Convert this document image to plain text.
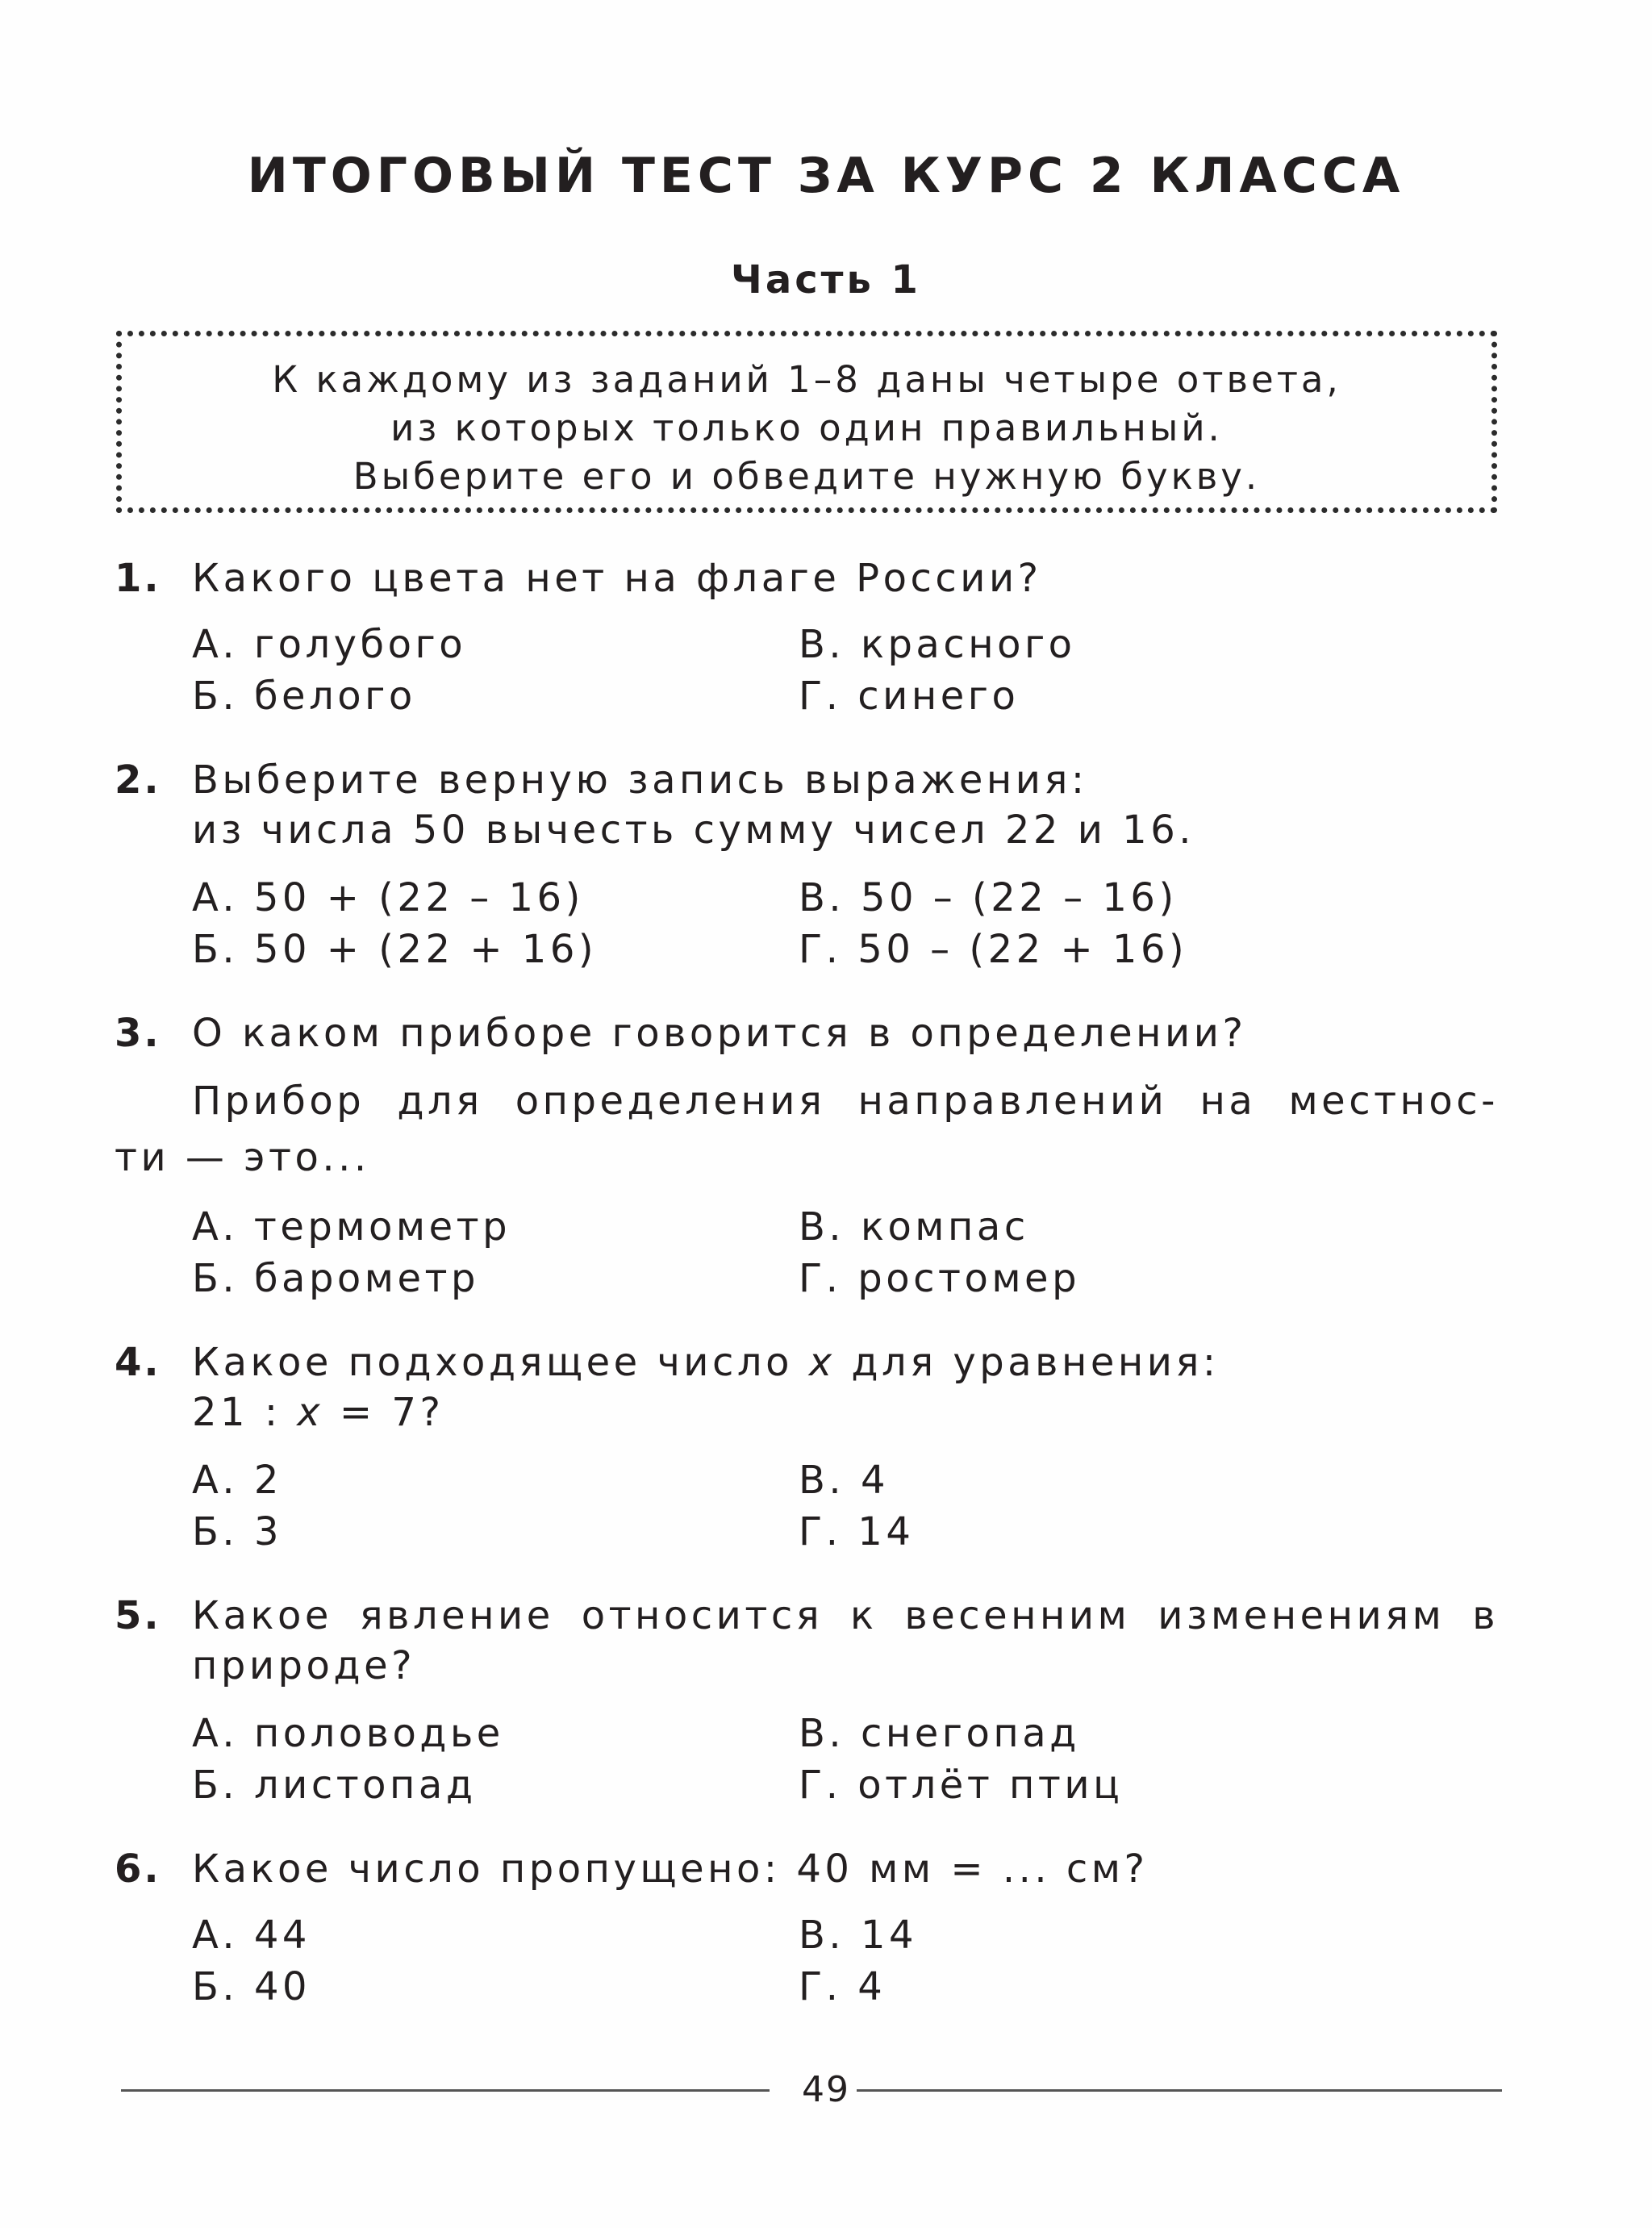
ИТОГОВЫЙ ТЕСТ ЗА КУРС 2 КЛАССА
Часть 1
К каждому из заданий 1–8 даны четыре ответа,
из которых только один правильный.
Выберите его и обведите нужную букву.
1. Какого цвета нет на флаге России?
А. голубого
Б. белого
В. красного
Г. синего
2. Выберите верную запись выражения:
из числа 50 вычесть сумму чисел 22 и 16.
А. 50 + (22 – 16)
Б. 50 + (22 + 16)
В. 50 – (22 – 16)
Г. 50 – (22 + 16)
3. О каком приборе говорится в определении?
Прибор для определения направлений на местнос-
ти — это...
А. термометр
Б. барометр
В. компас
Г. ростомер
4. Какое подходящее число x для уравнения:
21 : x = 7?
А. 2
Б. 3
В. 4
Г. 14
5. Какое явление относится к весенним изменениям в
природе?
А. половодье
Б. листопад
В. снегопад
Г. отлёт птиц
6. Какое число пропущено: 40 мм = ... см?
А. 44
Б. 40
В. 14
Г. 4
49
